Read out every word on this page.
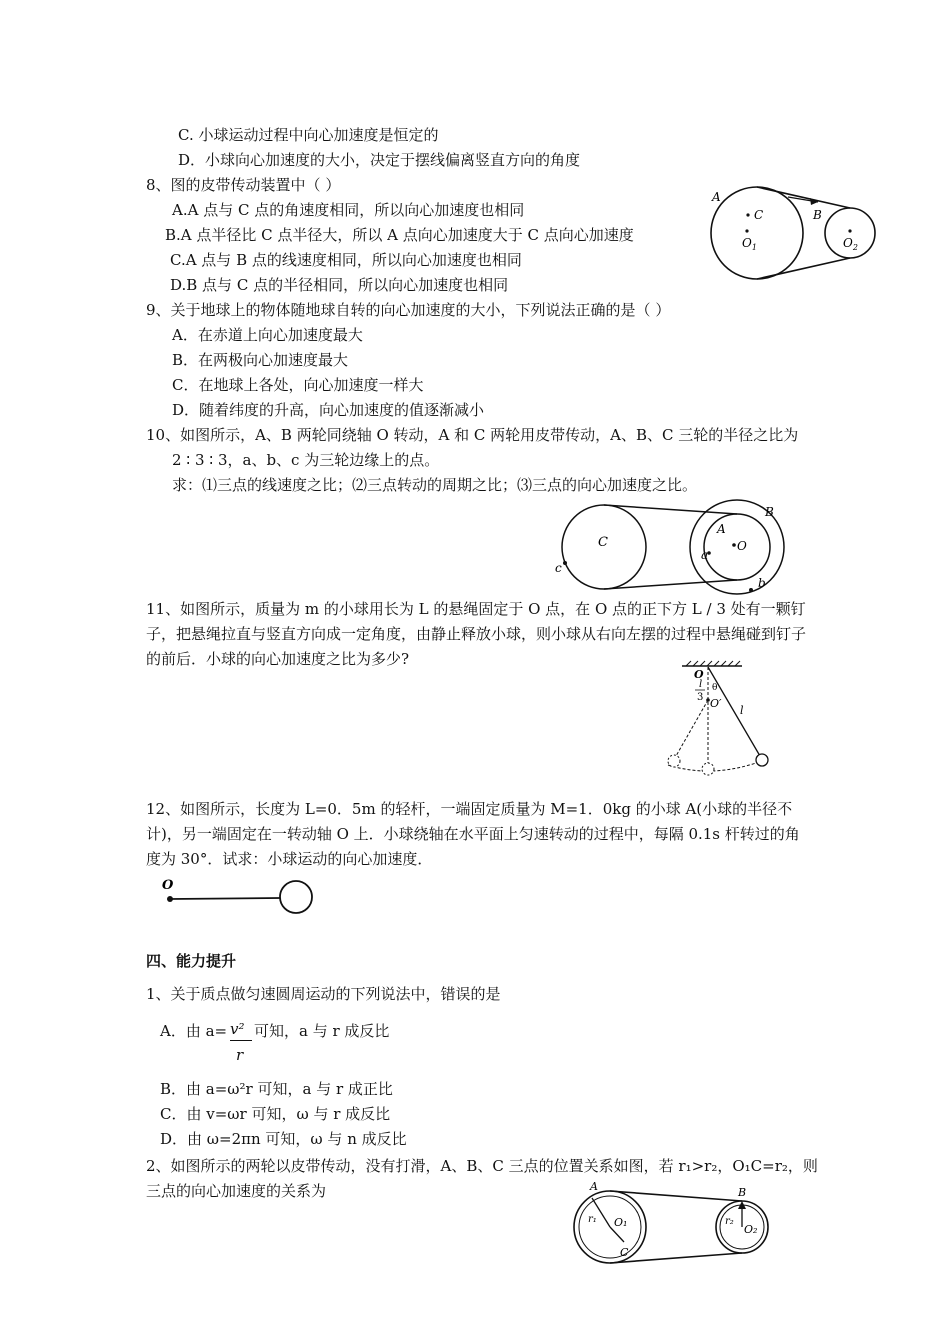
C. 小球运动过程中向心加速度是恒定的
D．小球向心加速度的大小，决定于摆线偏离竖直方向的角度
8、图的皮带传动装置中（ ）
A.A 点与 C 点的角速度相同，所以向心加速度也相同
B.A 点半径比 C 点半径大，所以 A 点向心加速度大于 C 点向心加速度
C.A 点与 B 点的线速度相同，所以向心加速度也相同
D.B 点与 C 点的半径相同，所以向心加速度也相同
A
B
C
$O_1$	$O_2$
9、关于地球上的物体随地球自转的向心加速度的大小，下列说法正确的是（ ）
A．在赤道上向心加速度最大
B．在两极向心加速度最大
C．在地球上各处，向心加速度一样大
D．随着纬度的升高，向心加速度的值逐渐减小
10、如图所示，A、B 两轮同绕轴 O 转动，A 和 C 两轮用皮带传动，A、B、C 三轮的半径之比为
2 ∶ 3 ∶ 3，a、b、c 为三轮边缘上的点。
求：⑴三点的线速度之比；⑵三点转动的周期之比；⑶三点的向心加速度之比。
C
c
A
B
O
a
b
11、如图所示，质量为 m 的小球用长为 L 的悬绳固定于 O 点，在 O 点的正下方 L / 3 处有一颗钉子，把悬绳拉直与竖直方向成一定角度，由静止释放小球，则小球从右向左摆的过程中悬绳碰到钉子的前后．小球的向心加速度之比为多少?
O
l
3
θ
O′
l
12、如图所示，长度为 L=0．5m 的轻杆，一端固定质量为 M=1．0kg 的小球 A(小球的半径不计)，另一端固定在一转动轴 O 上．小球绕轴在水平面上匀速转动的过程中，每隔 0.1s 杆转过的角度为 30°．试求：小球运动的向心加速度．
O
四、能力提升
1、关于质点做匀速圆周运动的下列说法中，错误的是
A．由 a= v²
r
可知，a 与 r 成反比
B．由 a=ω²r 可知，a 与 r 成正比
C．由 v=ωr 可知，ω 与 r 成反比
D．由 ω=2πn 可知，ω 与 n 成反比
2、如图所示的两轮以皮带传动，没有打滑，A、B、C 三点的位置关系如图，若 r₁>r₂，O₁C=r₂，则
三点的向心加速度的关系为	A
r₁ O₁
C
B
r₂
O₂
